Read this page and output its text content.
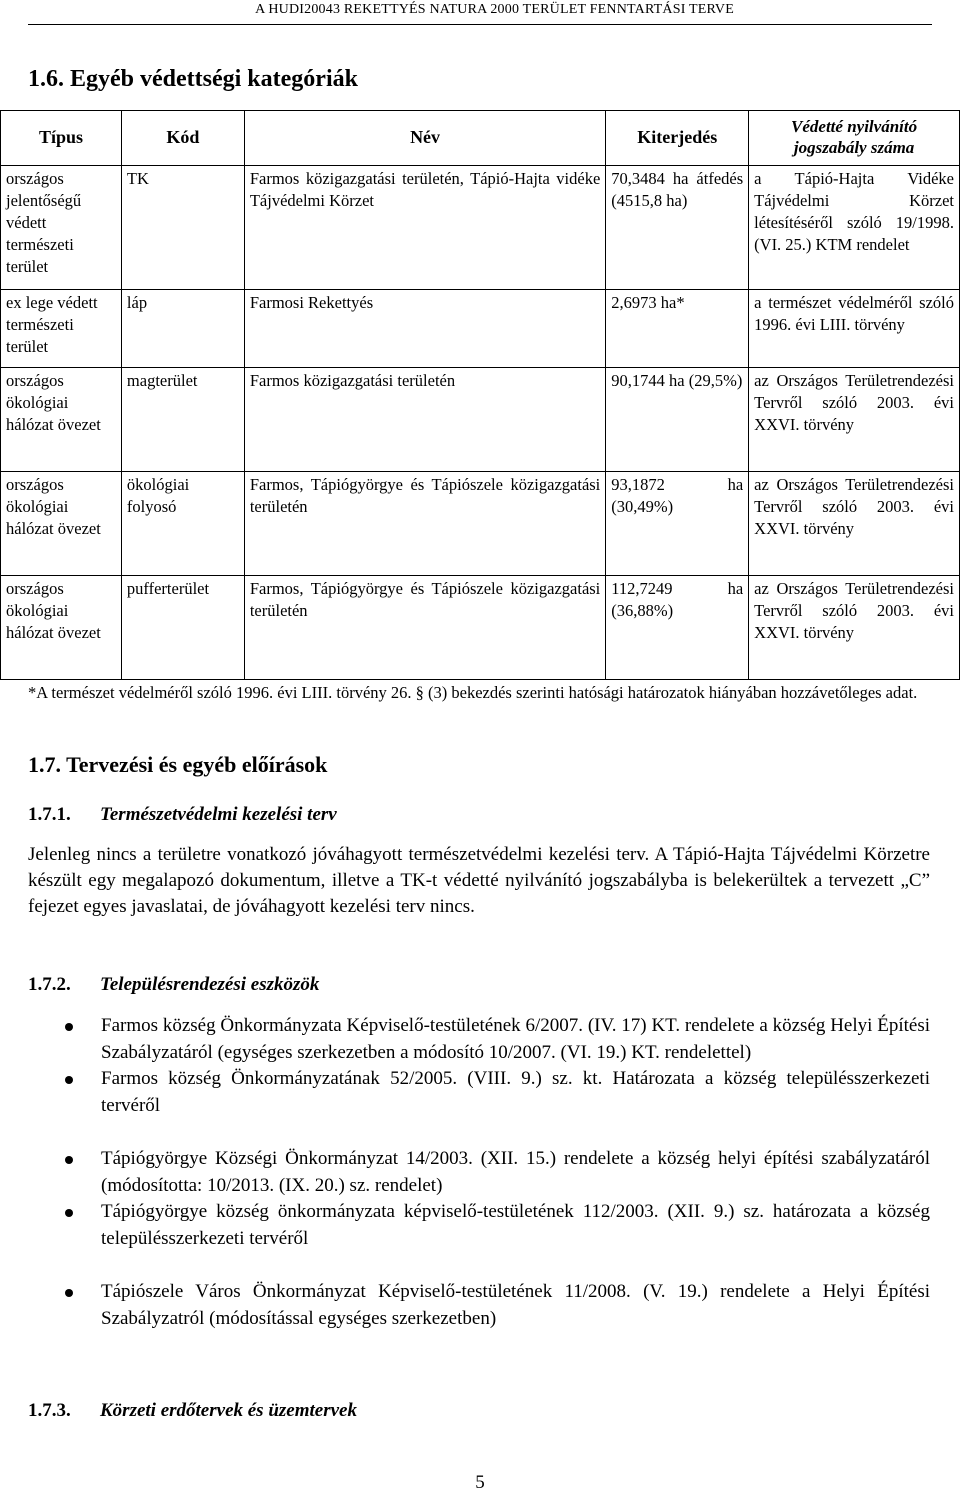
A HUDI20043 REKETTYÉS NATURA 2000 TERÜLET FENNTARTÁSI TERVE
1.6. Egyéb védettségi kategóriák
Típus	Kód	Név	Kiterjedés	Védetté nyilvánító jogszabály száma
országos jelentőségű védett természeti terület	TK	Farmos közigazgatási területén, Tápió-Hajta vidéke Tájvédelmi Körzet	70,3484 ha átfedés (4515,8 ha)	a Tápió-Hajta Vidéke Tájvédelmi Körzet létesítéséről szóló 19/1998. (VI. 25.) KTM rendelet
ex lege védett természeti terület	láp	Farmosi Rekettyés	2,6973 ha*	a természet védelméről szóló 1996. évi LIII. törvény
országos ökológiai hálózat övezet	magterület	Farmos közigazgatási területén	90,1744 ha (29,5%)	az Országos Területrendezési Tervről szóló 2003. évi XXVI. törvény
országos ökológiai hálózat övezet	ökológiai folyosó	Farmos, Tápiógyörgye és Tápiószele közigazgatási területén	93,1872 ha (30,49%)	az Országos Területrendezési Tervről szóló 2003. évi XXVI. törvény
országos ökológiai hálózat övezet	pufferterület	Farmos, Tápiógyörgye és Tápiószele közigazgatási területén	112,7249 ha (36,88%)	az Országos Területrendezési Tervről szóló 2003. évi XXVI. törvény
*A természet védelméről szóló 1996. évi LIII. törvény 26. § (3) bekezdés szerinti hatósági határozatok hiányában hozzávetőleges adat.
1.7. Tervezési és egyéb előírások
1.7.1. Természetvédelmi kezelési terv
Jelenleg nincs a területre vonatkozó jóváhagyott természetvédelmi kezelési terv. A Tápió-Hajta Tájvédelmi Körzetre készült egy megalapozó dokumentum, illetve a TK-t védetté nyilvánító jogszabályba is belekerültek a tervezett „C” fejezet egyes javaslatai, de jóváhagyott kezelési terv nincs.
1.7.2. Településrendezési eszközök
Farmos község Önkormányzata Képviselő-testületének 6/2007. (IV. 17) KT. rendelete a község Helyi Építési Szabályzatáról (egységes szerkezetben a módosító 10/2007. (VI. 19.) KT. rendelettel)
Farmos község Önkormányzatának 52/2005. (VIII. 9.) sz. kt. Határozata a község településszerkezeti tervéről
Tápiógyörgye Községi Önkormányzat 14/2003. (XII. 15.) rendelete a község helyi építési szabályzatáról (módosította: 10/2013. (IX. 20.) sz. rendelet)
Tápiógyörgye község önkormányzata képviselő-testületének 112/2003. (XII. 9.) sz. határozata a község településszerkezeti tervéről
Tápiószele Város Önkormányzat Képviselő-testületének 11/2008. (V. 19.) rendelete a Helyi Építési Szabályzatról (módosítással egységes szerkezetben)
1.7.3. Körzeti erdőtervek és üzemtervek
5
